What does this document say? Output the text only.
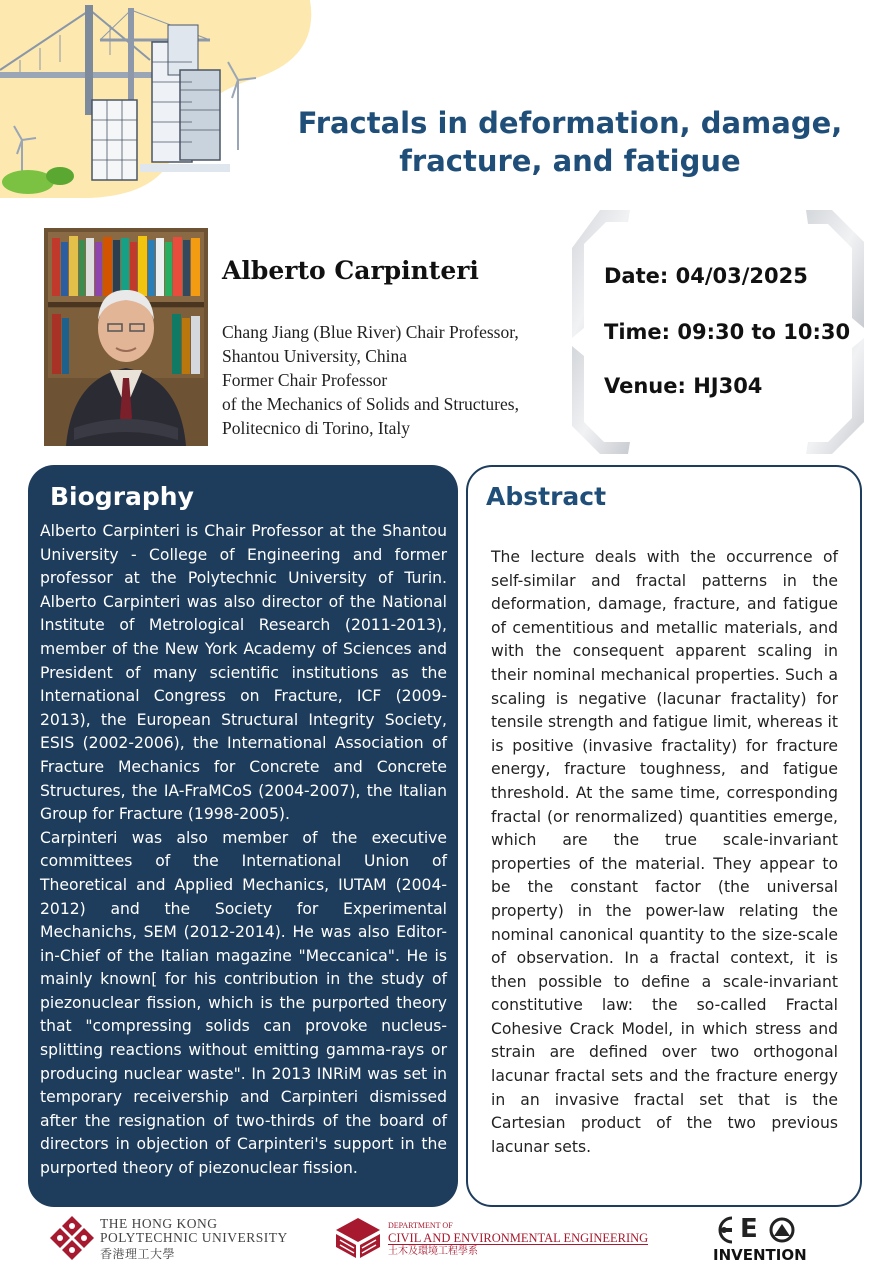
Fractals in deformation, damage, fracture, and fatigue
Alberto Carpinteri
Chang Jiang (Blue River) Chair Professor,
Shantou University, China
Former Chair Professor
of the Mechanics of Solids and Structures,
Politecnico di Torino, Italy
Date: 04/03/2025
Time: 09:30 to 10:30
Venue: HJ304
Biography

Alberto Carpinteri is Chair Professor at the Shantou University - College of Engineering and former professor at the Polytechnic University of Turin. Alberto Carpinteri was also director of the National Institute of Metrological Research (2011-2013), member of the New York Academy of Sciences and President of many scientific institutions as the International Congress on Fracture, ICF (2009-2013), the European Structural Integrity Society, ESIS (2002-2006), the International Association of Fracture Mechanics for Concrete and Concrete Structures, the IA-FraMCoS (2004-2007), the Italian Group for Fracture (1998-2005).

Carpinteri was also member of the executive committees of the International Union of Theoretical and Applied Mechanics, IUTAM (2004-2012) and the Society for Experimental Mechanichs, SEM (2012-2014). He was also Editor-in-Chief of the Italian magazine "Meccanica". He is mainly known[ for his contribution in the study of piezonuclear fission, which is the purported theory that "compressing solids can provoke nucleus-splitting reactions without emitting gamma-rays or producing nuclear waste". In 2013 INRiM was set in temporary receivership and Carpinteri dismissed after the resignation of two-thirds of the board of directors in objection of Carpinteri's support in the purported theory of piezonuclear fission.

Abstract

The lecture deals with the occurrence of self-similar and fractal patterns in the deformation, damage, fracture, and fatigue of cementitious and metallic materials, and with the consequent apparent scaling in their nominal mechanical properties. Such a scaling is negative (lacunar fractality) for tensile strength and fatigue limit, whereas it is positive (invasive fractality) for fracture energy, fracture toughness, and fatigue threshold. At the same time, corresponding fractal (or renormalized) quantities emerge, which are the true scale-invariant properties of the material. They appear to be the constant factor (the universal property) in the power-law relating the nominal canonical quantity to the size-scale of observation. In a fractal context, it is then possible to define a scale-invariant constitutive law: the so-called Fractal Cohesive Crack Model, in which stress and strain are defined over two orthogonal lacunar fractal sets and the fracture energy in an invasive fractal set that is the Cartesian product of the two previous lacunar sets.

THE HONG KONG
POLYTECHNIC UNIVERSITY
香港理工大學
DEPARTMENT OF
CIVIL AND ENVIRONMENTAL ENGINEERING
土木及環境工程學系
E
INVENTION
